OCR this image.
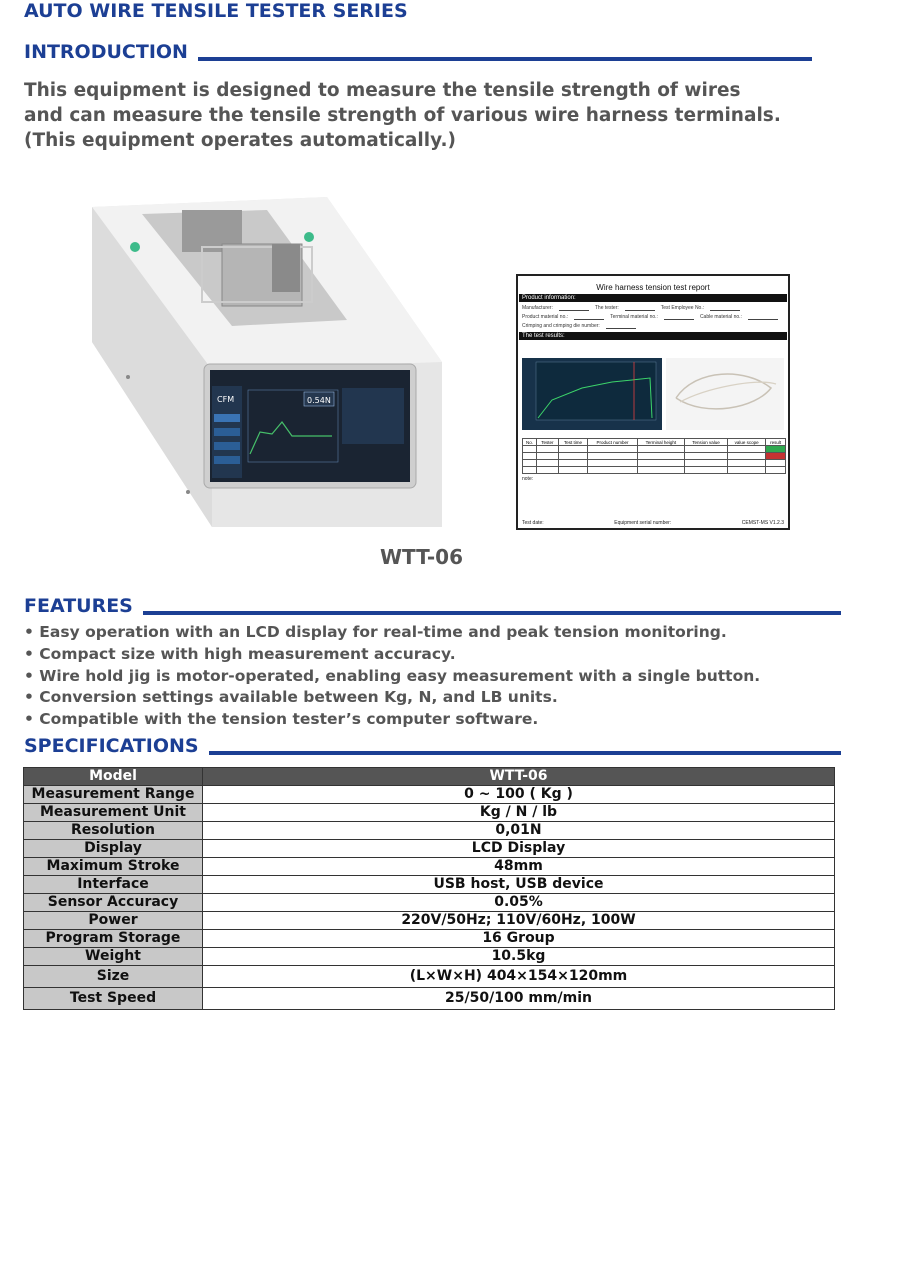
AUTO WIRE TENSILE TESTER SERIES
INTRODUCTION
This equipment is designed to measure the tensile strength of wires
and can measure the tensile strength of various wire harness terminals.
(This equipment operates automatically.)
CFM	0.54N
Wire harness tension test report
Product information:
Manufacturer:	The tester:	Test Employee No.:
Product material no.:	Terminal material no.:	Cable material no.:
Crimping and crimping die number:
The test results:
No.	Tester	Test time	Product number	Terminal height	Tension value	value scope	result

note:
Test date:	Equipment serial number:	CEMST-MS V1.2.3
WTT-06
FEATURES
• Easy operation with an LCD display for real-time and peak tension monitoring.
• Compact size with high measurement accuracy.
• Wire hold jig is motor-operated, enabling easy measurement with a single button.
• Conversion settings available between Kg, N, and LB units.
• Compatible with the tension tester’s computer software.
SPECIFICATIONS
Model	WTT-06
Measurement Range	0 ~ 100 ( Kg )
Measurement Unit	Kg / N / lb
Resolution	0,01N
Display	LCD Display
Maximum Stroke	48mm
Interface	USB host, USB device
Sensor Accuracy	0.05%
Power	220V/50Hz; 110V/60Hz, 100W
Program Storage	16 Group
Weight	10.5kg
Size	(L×W×H) 404×154×120mm
Test Speed	25/50/100 mm/min
